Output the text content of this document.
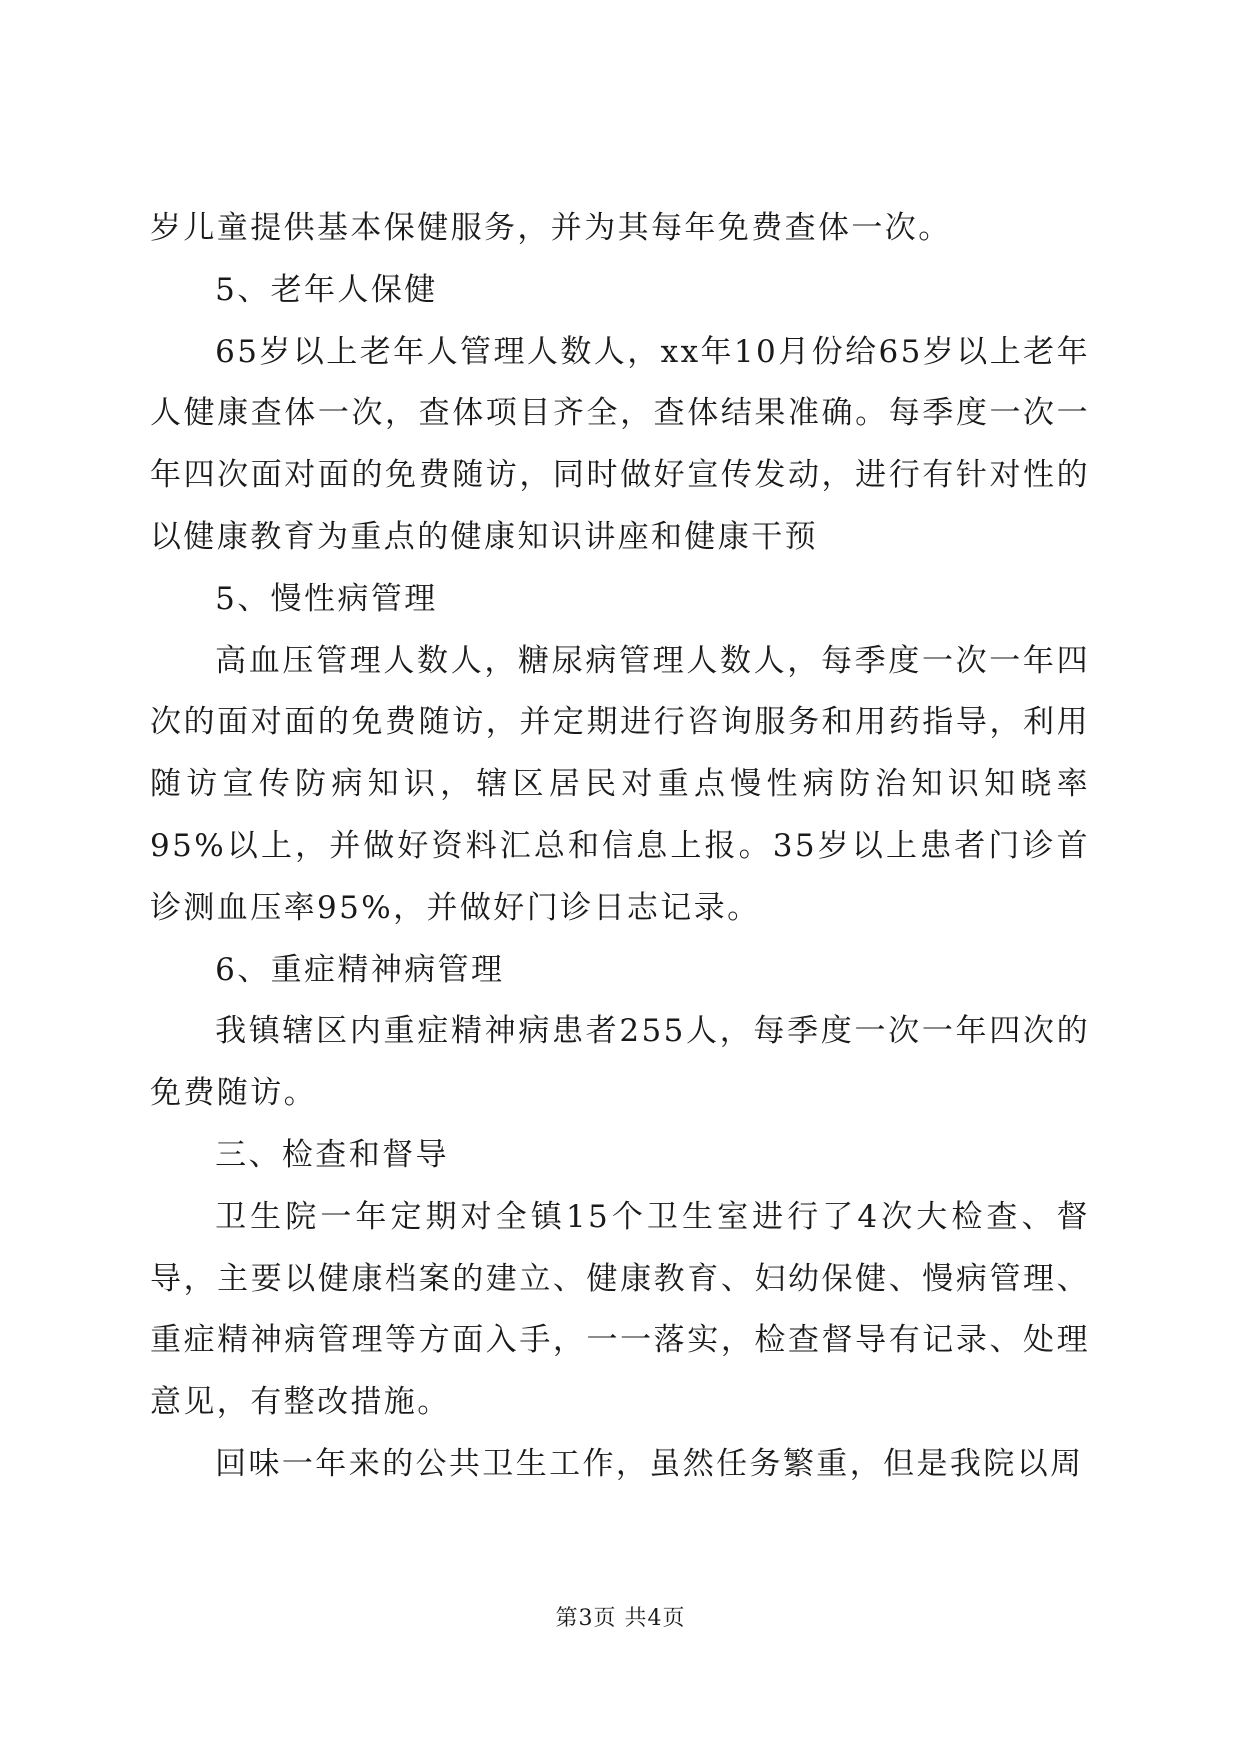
岁儿童提供基本保健服务，并为其每年免费查体一次。

5、老年人保健

65岁以上老年人管理人数人，xx年10月份给65岁以上老年人健康查体一次，查体项目齐全，查体结果准确。每季度一次一年四次面对面的免费随访，同时做好宣传发动，进行有针对性的以健康教育为重点的健康知识讲座和健康干预

5、慢性病管理

高血压管理人数人，糖尿病管理人数人，每季度一次一年四次的面对面的免费随访，并定期进行咨询服务和用药指导，利用随访宣传防病知识，辖区居民对重点慢性病防治知识知晓率95%以上，并做好资料汇总和信息上报。35岁以上患者门诊首诊测血压率95%，并做好门诊日志记录。

6、重症精神病管理

我镇辖区内重症精神病患者255人，每季度一次一年四次的免费随访。

三、检查和督导

卫生院一年定期对全镇15个卫生室进行了4次大检查、督导，主要以健康档案的建立、健康教育、妇幼保健、慢病管理、重症精神病管理等方面入手，一一落实，检查督导有记录、处理意见，有整改措施。

回味一年来的公共卫生工作，虽然任务繁重，但是我院以周

第3页 共4页
